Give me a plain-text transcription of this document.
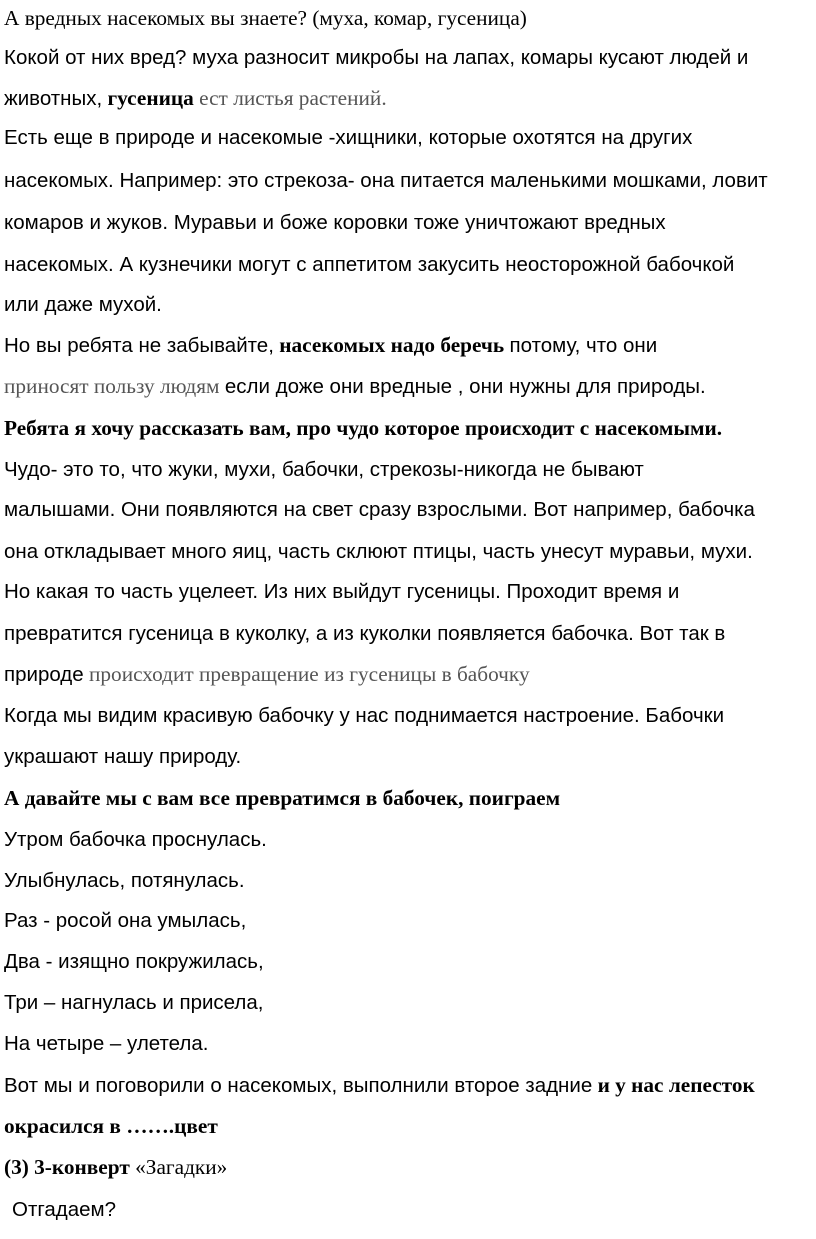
А вредных насекомых вы знаете? (муха, комар, гусеница)
Кокой от них вред? муха разносит микробы на лапах, комары кусают людей и
животных, гусеница ест листья растений.
Есть еще в природе и насекомые -хищники, которые охотятся на других
насекомых. Например: это стрекоза- она питается маленькими мошками, ловит
комаров и жуков. Муравьи и боже коровки тоже уничтожают вредных
насекомых. А кузнечики могут с аппетитом закусить неосторожной бабочкой
или даже мухой.
Но вы ребята не забывайте, насекомых надо беречь потому, что они
приносят пользу людям если доже они вредные , они нужны для природы.
Ребята я хочу рассказать вам, про чудо которое происходит с насекомыми.
Чудо- это то, что жуки, мухи, бабочки, стрекозы-никогда не бывают
малышами. Они появляются на свет сразу взрослыми. Вот например, бабочка
она откладывает много яиц, часть склюют птицы, часть унесут муравьи, мухи.
Но какая то часть уцелеет. Из них выйдут гусеницы. Проходит время и
превратится гусеница в куколку, а из куколки появляется бабочка. Вот так в
природе происходит превращение из гусеницы в бабочку
Когда мы видим красивую бабочку у нас поднимается настроение. Бабочки
украшают нашу природу.
А давайте мы с вам все превратимся в бабочек, поиграем
Утром бабочка проснулась.
Улыбнулась, потянулась.
Раз - росой она умылась,
Два - изящно покружилась,
Три – нагнулась и присела,
На четыре – улетела.
Вот мы и поговорили о насекомых, выполнили второе задние и у нас лепесток
окрасился в …….цвет
(3) 3-конверт «Загадки»
Отгадаем?
